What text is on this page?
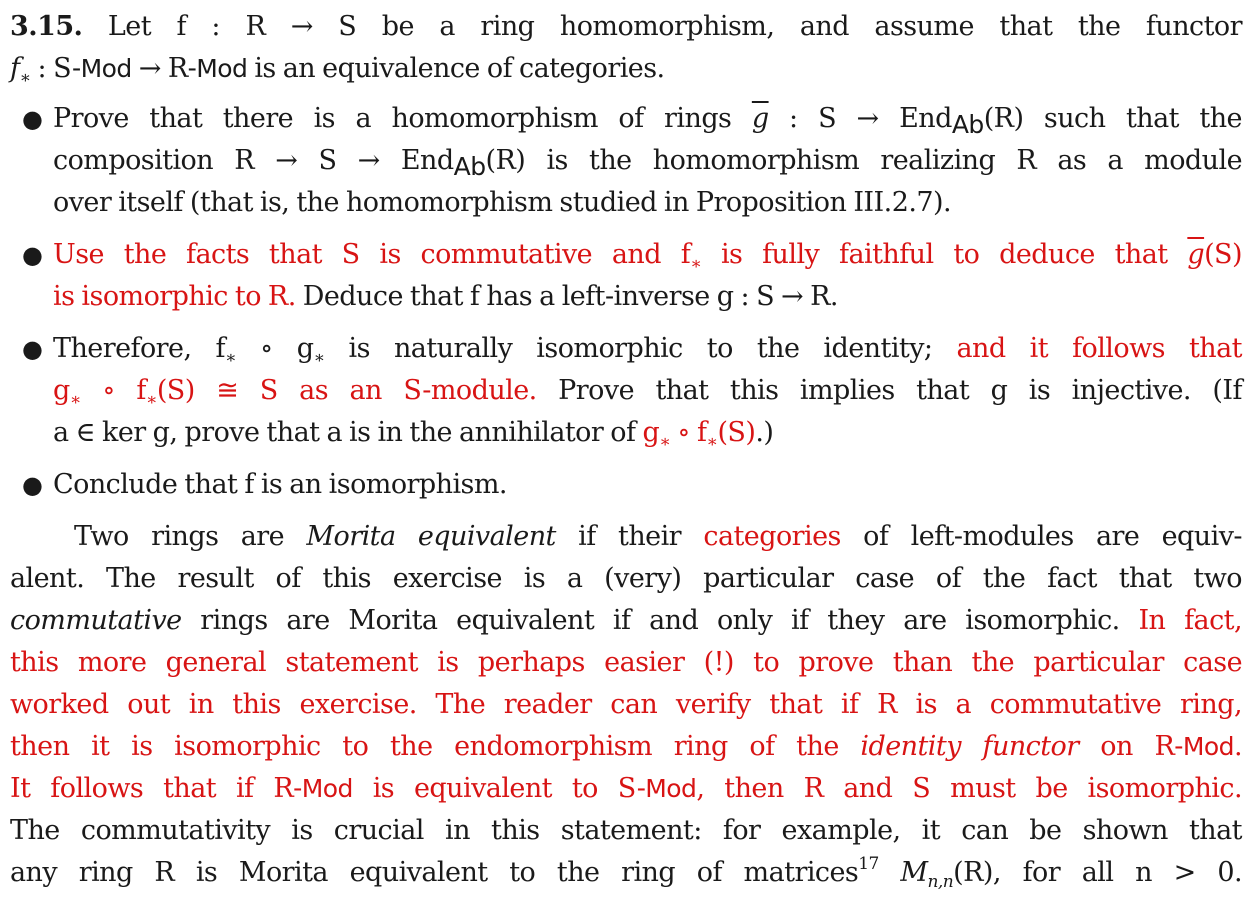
3.15. Let f : R → S be a ring homomorphism, and assume that the functor
$f_∗$ : S-Mod → R-Mod is an equivalence of categories.
● Prove that there is a homomorphism of rings $\overline{g}$ : S → End$_{Ab}$(R) such that the
composition R → S → End$_{Ab}$(R) is the homomorphism realizing R as a module
over itself (that is, the homomorphism studied in Proposition III.2.7).
● Use the facts that S is commutative and $f_∗$ is fully faithful to deduce that $\overline{g}(S)$
is isomorphic to R. Deduce that f has a left-inverse g : S → R.
● Therefore, $f_∗$ ∘ $g_∗$ is naturally isomorphic to the identity; and it follows that
$g_∗$ ∘ $f_∗(S)$ ≅ S as an S-module. Prove that this implies that g is injective. (If
a ∈ ker g, prove that a is in the annihilator of $g_∗$ ∘ $f_∗(S)$.)
● Conclude that f is an isomorphism.
Two rings are Morita equivalent if their categories of left-modules are equiv-
alent. The result of this exercise is a (very) particular case of the fact that two
commutative rings are Morita equivalent if and only if they are isomorphic. In fact,
this more general statement is perhaps easier (!) to prove than the particular case
worked out in this exercise. The reader can verify that if R is a commutative ring,
then it is isomorphic to the endomorphism ring of the identity functor on R-Mod.
It follows that if R-Mod is equivalent to S-Mod, then R and S must be isomorphic.
The commutativity is crucial in this statement: for example, it can be shown that
any ring R is Morita equivalent to the ring of matrices$^{17}$ $M_{n,n}(R)$, for all n > 0.
